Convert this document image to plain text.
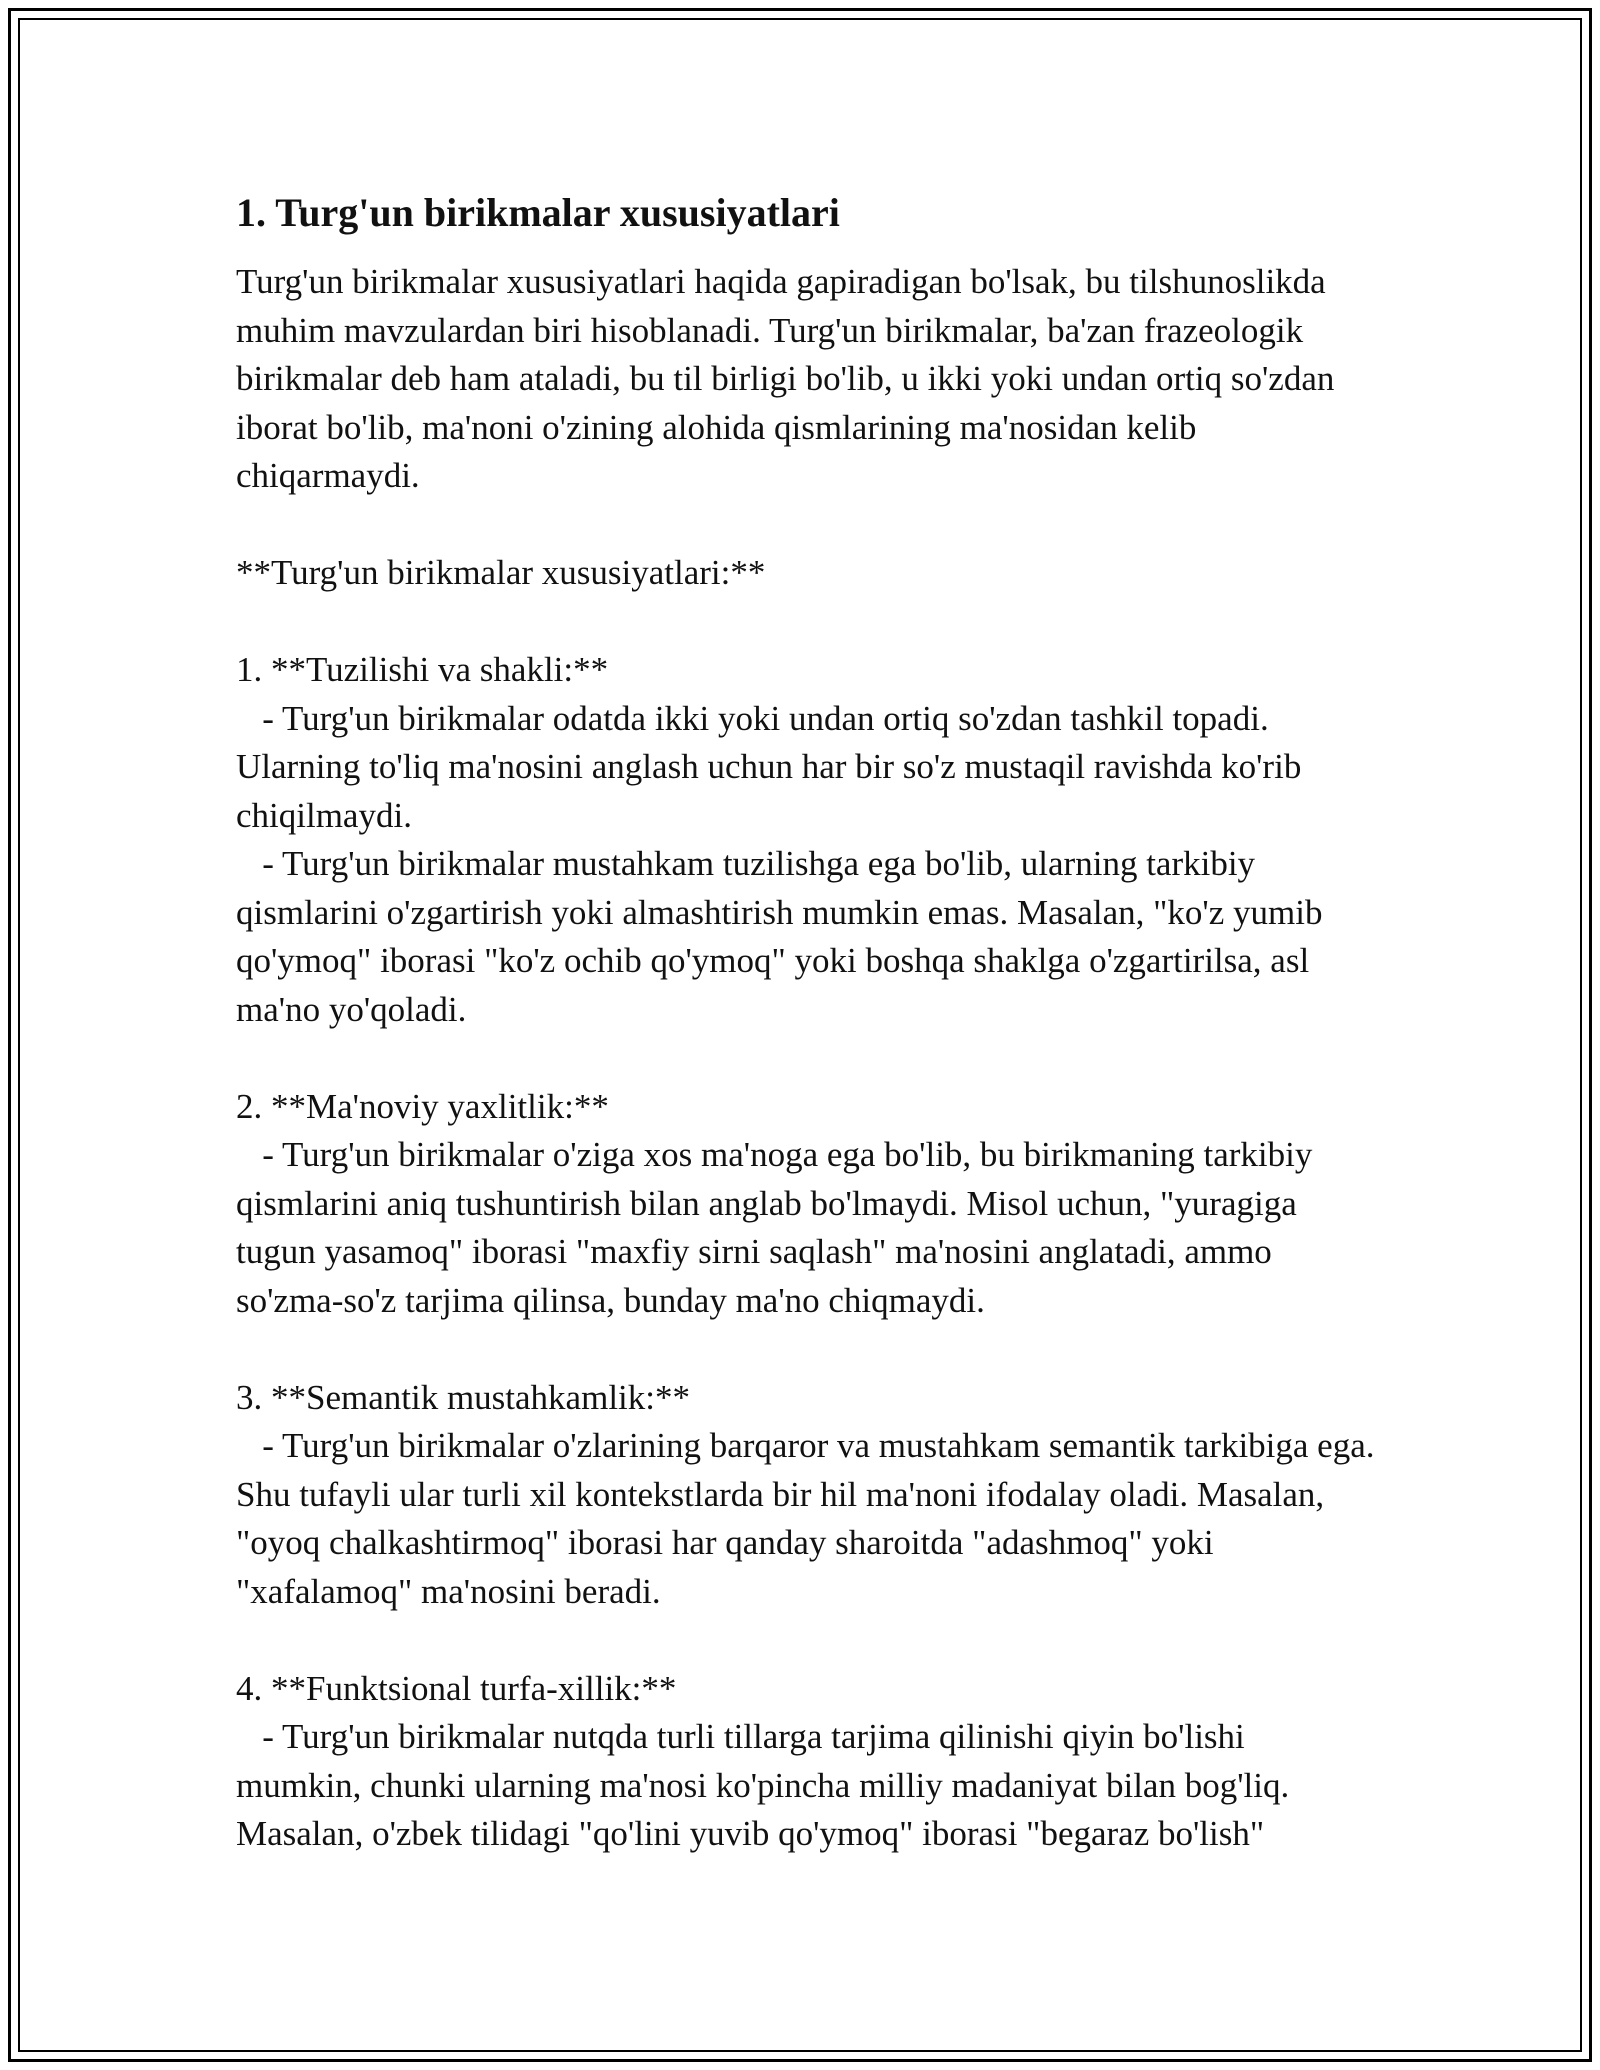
1. Turg'un birikmalar xususiyatlari

Turg'un birikmalar xususiyatlari haqida gapiradigan bo'lsak, bu tilshunoslikda muhim mavzulardan biri hisoblanadi. Turg'un birikmalar, ba'zan frazeologik birikmalar deb ham ataladi, bu til birligi bo'lib, u ikki yoki undan ortiq so'zdan iborat bo'lib, ma'noni o'zining alohida qismlarining ma'nosidan kelib chiqarmaydi.

**Turg'un birikmalar xususiyatlari:**

1. **Tuzilishi va shakli:**

- Turg'un birikmalar odatda ikki yoki undan ortiq so'zdan tashkil topadi. Ularning to'liq ma'nosini anglash uchun har bir so'z mustaqil ravishda ko'rib chiqilmaydi.

- Turg'un birikmalar mustahkam tuzilishga ega bo'lib, ularning tarkibiy qismlarini o'zgartirish yoki almashtirish mumkin emas. Masalan, "ko'z yumib qo'ymoq" iborasi "ko'z ochib qo'ymoq" yoki boshqa shaklga o'zgartirilsa, asl ma'no yo'qoladi.

2. **Ma'noviy yaxlitlik:**

- Turg'un birikmalar o'ziga xos ma'noga ega bo'lib, bu birikmaning tarkibiy qismlarini aniq tushuntirish bilan anglab bo'lmaydi. Misol uchun, "yuragiga tugun yasamoq" iborasi "maxfiy sirni saqlash" ma'nosini anglatadi, ammo so'zma-so'z tarjima qilinsa, bunday ma'no chiqmaydi.

3. **Semantik mustahkamlik:**

- Turg'un birikmalar o'zlarining barqaror va mustahkam semantik tarkibiga ega. Shu tufayli ular turli xil kontekstlarda bir hil ma'noni ifodalay oladi. Masalan, "oyoq chalkashtirmoq" iborasi har qanday sharoitda "adashmoq" yoki "xafalamoq" ma'nosini beradi.

4. **Funktsional turfa-xillik:**

- Turg'un birikmalar nutqda turli tillarga tarjima qilinishi qiyin bo'lishi mumkin, chunki ularning ma'nosi ko'pincha milliy madaniyat bilan bog'liq. Masalan, o'zbek tilidagi "qo'lini yuvib qo'ymoq" iborasi "begaraz bo'lish"
